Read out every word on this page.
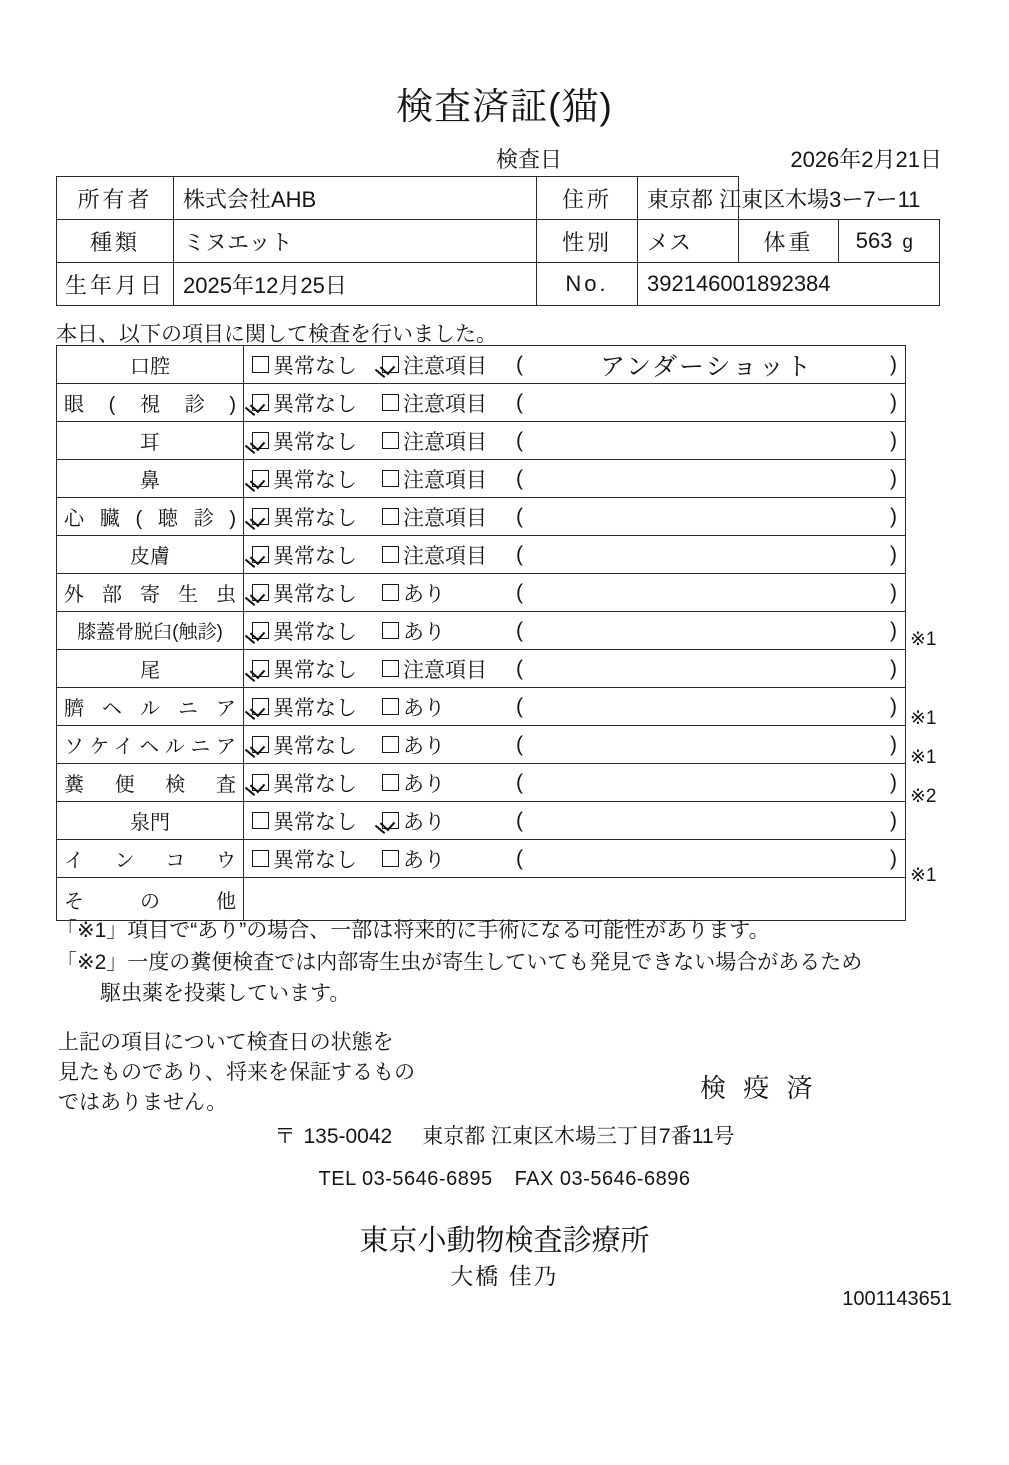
検査済証(猫)
検査日	2026年2月21日
所有者	株式会社AHB	住所	東京都 江東区木場3ー7ー11		
種類	ミヌエット	性別	メス	体重	563 g
生年月日	2025年12月25日	No.	392146001892384		
本日、以下の項目に関して検査を行いました。
口腔	異常なし 注意項目 ( アンダーショット )

眼(視診)	異常なし 注意項目 ( )

耳	異常なし 注意項目 ( )

鼻	異常なし 注意項目 ( )

心臓(聴診)	異常なし 注意項目 ( )

皮膚	異常なし 注意項目 ( )

外部寄生虫	異常なし あり ( )

膝蓋骨脱臼(触診)	異常なし あり ( )

尾	異常なし 注意項目 ( )

臍ヘルニア	異常なし あり ( )

ソケイヘルニア	異常なし あり ( )

糞便検査	異常なし あり ( )

泉門	異常なし あり ( )

インコウ	異常なし あり ( )

その他	

※1
※1
※1
※2
※1
「※1」項目で“あり”の場合、一部は将来的に手術になる可能性があります。
「※2」一度の糞便検査では内部寄生虫が寄生していても発見できない場合があるため
駆虫薬を投薬しています。
上記の項目について検査日の状態を
見たものであり、将来を保証するもの
ではありません。	検 疫 済
〒 135-0042 東京都 江東区木場三丁目7番11号
TEL 03-5646-6895 FAX 03-5646-6896
東京小動物検査診療所
大橋 佳乃
1001143651
